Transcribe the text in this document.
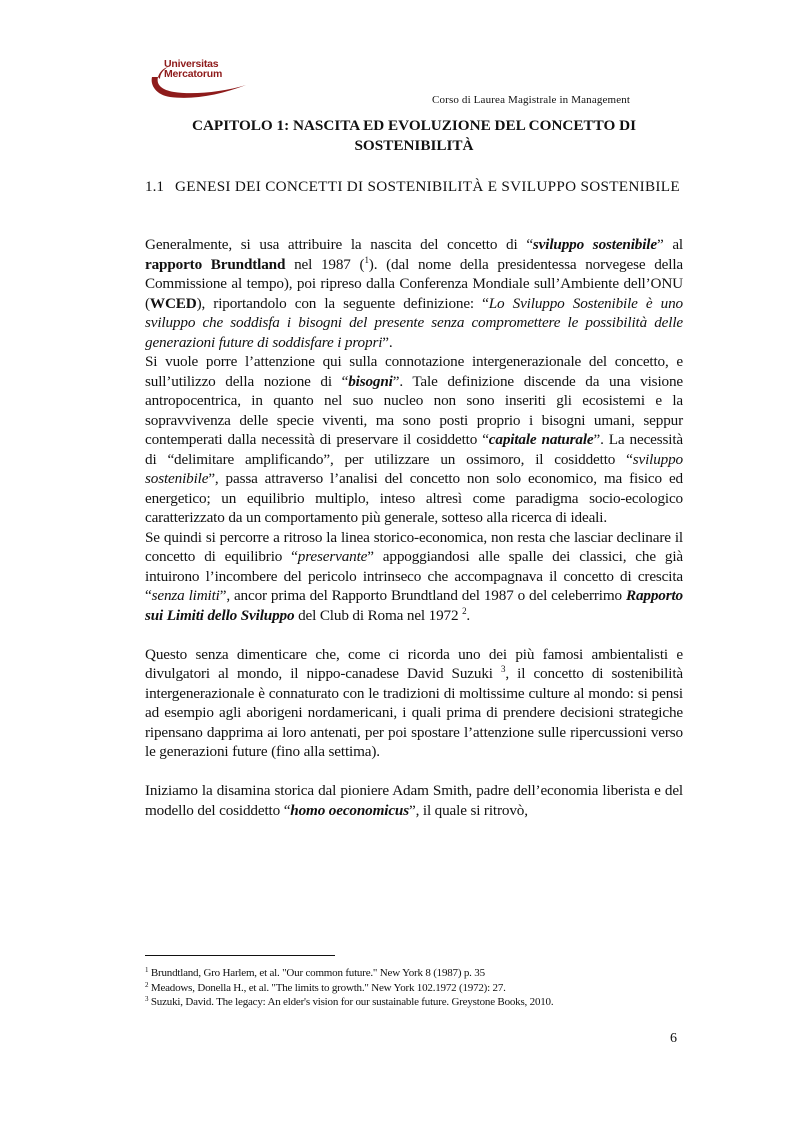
Universitas
Mercatorum
Corso di Laurea Magistrale in Management
CAPITOLO 1: NASCITA ED EVOLUZIONE DEL CONCETTO DI SOSTENIBILITÀ
1.1 GENESI DEI CONCETTI DI SOSTENIBILITÀ E SVILUPPO SOSTENIBILE

Generalmente, si usa attribuire la nascita del concetto di “sviluppo sostenibile” al rapporto Brundtland nel 1987 ($^1$). (dal nome della presidentessa norvegese della Commissione al tempo), poi ripreso dalla Conferenza Mondiale sull’Ambiente dell’ONU (WCED), riportandolo con la seguente definizione: “Lo Sviluppo Sostenibile è uno sviluppo che soddisfa i bisogni del presente senza compromettere le possibilità delle generazioni future di soddisfare i propri”.

Si vuole porre l’attenzione qui sulla connotazione intergenerazionale del concetto, e sull’utilizzo della nozione di “bisogni”. Tale definizione discende da una visione antropocentrica, in quanto nel suo nucleo non sono inseriti gli ecosistemi e la sopravvivenza delle specie viventi, ma sono posti proprio i bisogni umani, seppur contemperati dalla necessità di preservare il cosiddetto “capitale naturale”. La necessità di “delimitare amplificando”, per utilizzare un ossimoro, il cosiddetto “sviluppo sostenibile”, passa attraverso l’analisi del concetto non solo economico, ma fisico ed energetico; un equilibrio multiplo, inteso altresì come paradigma socio-ecologico caratterizzato da un comportamento più generale, sotteso alla ricerca di ideali.

Se quindi si percorre a ritroso la linea storico-economica, non resta che lasciar declinare il concetto di equilibrio “preservante” appoggiandosi alle spalle dei classici, che già intuirono l’incombere del pericolo intrinseco che accompagnava il concetto di crescita “senza limiti”, ancor prima del Rapporto Brundtland del 1987 o del celeberrimo Rapporto sui Limiti dello Sviluppo del Club di Roma nel 1972 $^2$.

Questo senza dimenticare che, come ci ricorda uno dei più famosi ambientalisti e divulgatori al mondo, il nippo-canadese David Suzuki $^3$, il concetto di sostenibilità intergenerazionale è connaturato con le tradizioni di moltissime culture al mondo: si pensi ad esempio agli aborigeni nordamericani, i quali prima di prendere decisioni strategiche ripensano dapprima ai loro antenati, per poi spostare l’attenzione sulle ripercussioni verso le generazioni future (fino alla settima).

Iniziamo la disamina storica dal pioniere Adam Smith, padre dell’economia liberista e del modello del cosiddetto “homo oeconomicus”, il quale si ritrovò,

$^1$ Brundtland, Gro Harlem, et al. "Our common future." New York 8 (1987) p. 35
$^2$ Meadows, Donella H., et al. "The limits to growth." New York 102.1972 (1972): 27.
$^3$ Suzuki, David. The legacy: An elder's vision for our sustainable future. Greystone Books, 2010.
6
